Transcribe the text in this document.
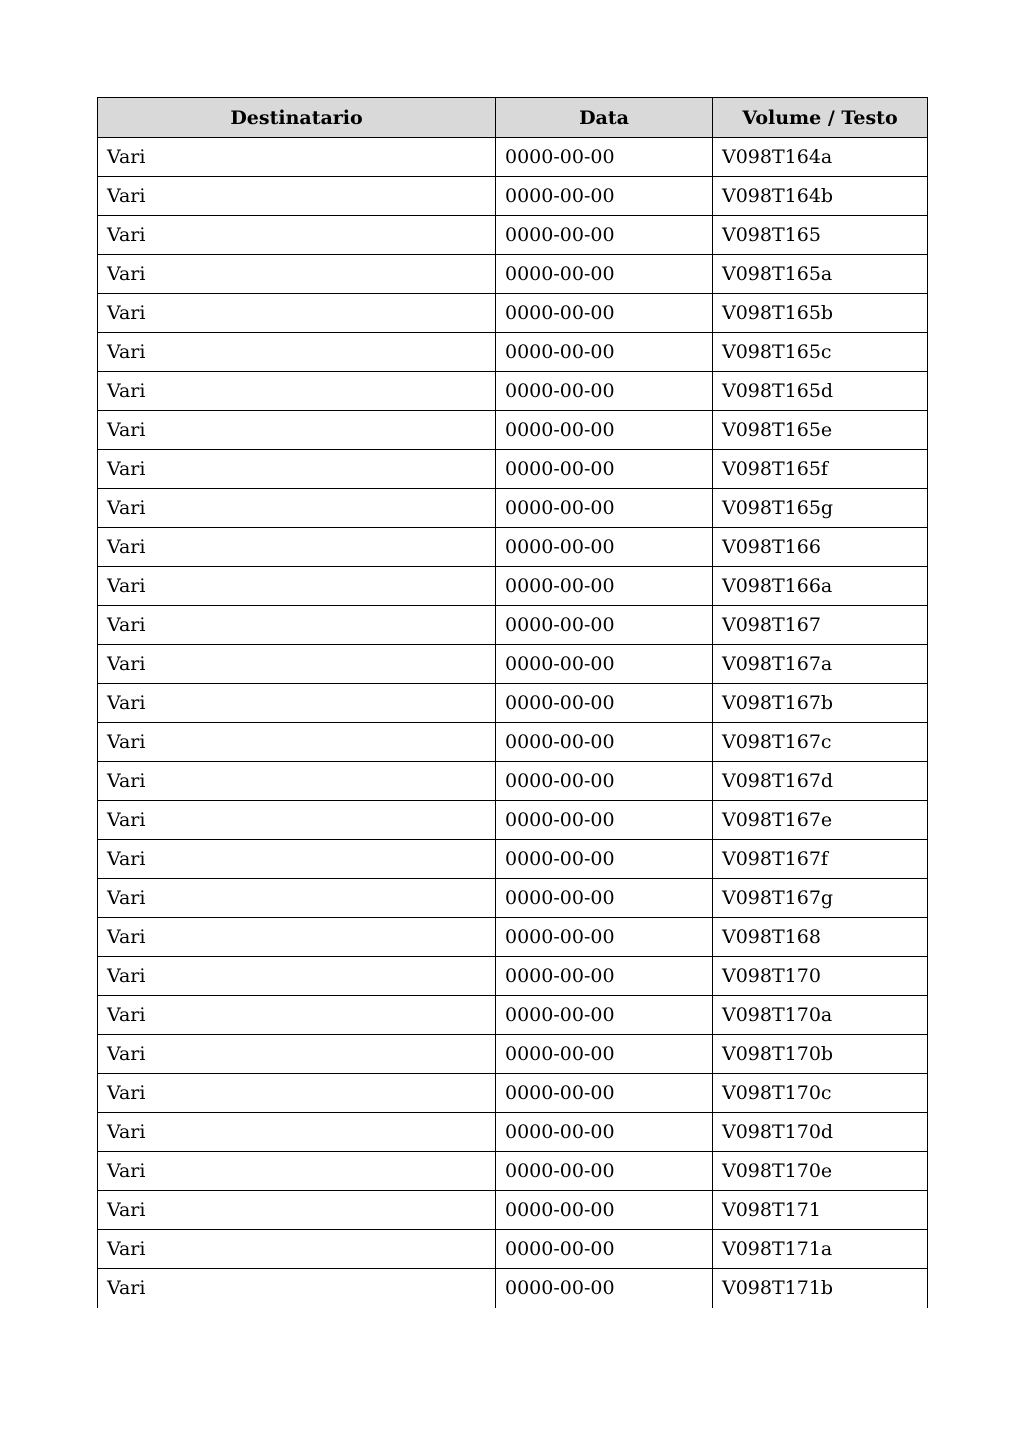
Destinatario	Data	Volume / Testo
Vari	0000-00-00	V098T164a
Vari	0000-00-00	V098T164b
Vari	0000-00-00	V098T165
Vari	0000-00-00	V098T165a
Vari	0000-00-00	V098T165b
Vari	0000-00-00	V098T165c
Vari	0000-00-00	V098T165d
Vari	0000-00-00	V098T165e
Vari	0000-00-00	V098T165f
Vari	0000-00-00	V098T165g
Vari	0000-00-00	V098T166
Vari	0000-00-00	V098T166a
Vari	0000-00-00	V098T167
Vari	0000-00-00	V098T167a
Vari	0000-00-00	V098T167b
Vari	0000-00-00	V098T167c
Vari	0000-00-00	V098T167d
Vari	0000-00-00	V098T167e
Vari	0000-00-00	V098T167f
Vari	0000-00-00	V098T167g
Vari	0000-00-00	V098T168
Vari	0000-00-00	V098T170
Vari	0000-00-00	V098T170a
Vari	0000-00-00	V098T170b
Vari	0000-00-00	V098T170c
Vari	0000-00-00	V098T170d
Vari	0000-00-00	V098T170e
Vari	0000-00-00	V098T171
Vari	0000-00-00	V098T171a
Vari	0000-00-00	V098T171b
